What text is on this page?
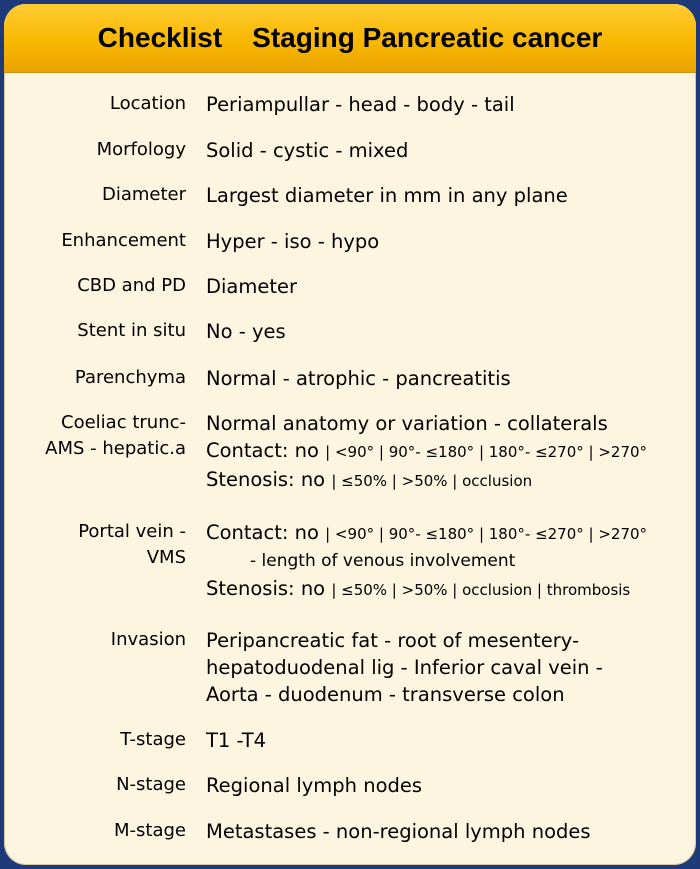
Checklist Staging Pancreatic cancer
Location Periampullar - head - body - tail
Morfology Solid - cystic - mixed
Diameter Largest diameter in mm in any plane
Enhancement Hyper - iso - hypo
CBD and PD Diameter
Stent in situ No - yes
Parenchyma Normal - atrophic - pancreatitis
Coeliac trunc-
AMS - hepatic.a
Normal anatomy or variation - collaterals
Contact: no | <90° | 90°- ≤180° | 180°- ≤270° | >270°
Stenosis: no | ≤50% | >50% | occlusion
Portal vein -
VMS
Contact: no | <90° | 90°- ≤180° | 180°- ≤270° | >270°
- length of venous involvement
Stenosis: no | ≤50% | >50% | occlusion | thrombosis
Invasion Peripancreatic fat - root of mesentery-
hepatoduodenal lig - Inferior caval vein -
Aorta - duodenum - transverse colon
T-stage T1 -T4
N-stage Regional lymph nodes
M-stage Metastases - non-regional lymph nodes
